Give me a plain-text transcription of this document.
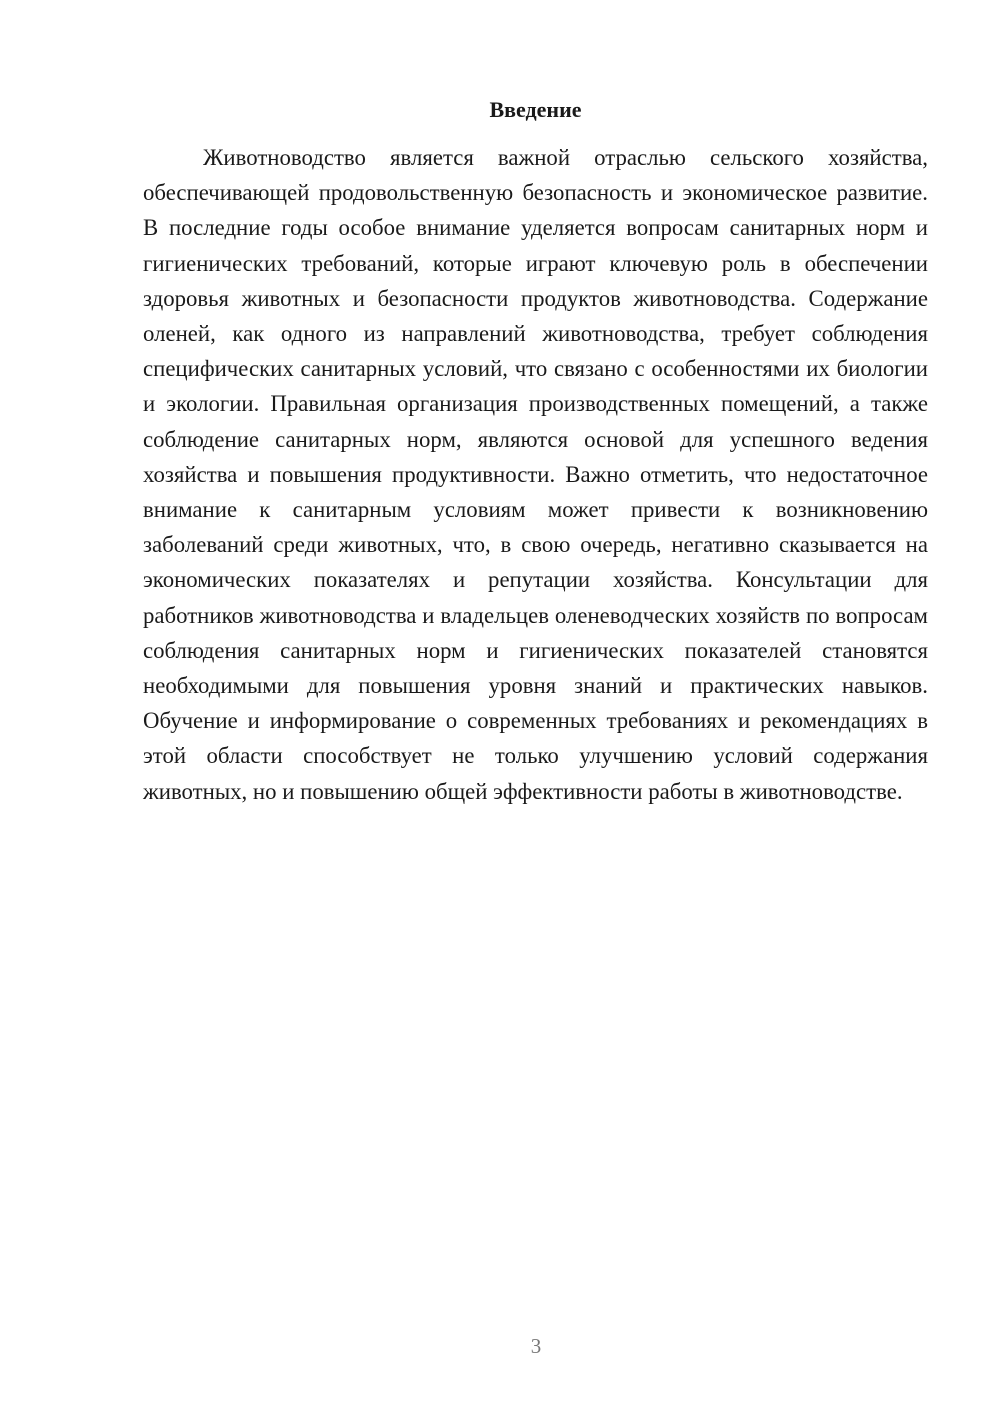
Введение

Животноводство является важной отраслью сельского хозяйства, обеспечивающей продовольственную безопасность и экономическое развитие. В последние годы особое внимание уделяется вопросам санитарных норм и гигиенических требований, которые играют ключевую роль в обеспечении здоровья животных и безопасности продуктов животноводства. Содержание оленей, как одного из направлений животноводства, требует соблюдения специфических санитарных условий, что связано с особенностями их биологии и экологии. Правильная организация производственных помещений, а также соблюдение санитарных норм, являются основой для успешного ведения хозяйства и повышения продуктивности. Важно отметить, что недостаточное внимание к санитарным условиям может привести к возникновению заболеваний среди животных, что, в свою очередь, негативно сказывается на экономических показателях и репутации хозяйства. Консультации для работников животноводства и владельцев оленеводческих хозяйств по вопросам соблюдения санитарных норм и гигиенических показателей становятся необходимыми для повышения уровня знаний и практических навыков. Обучение и информирование о современных требованиях и рекомендациях в этой области способствует не только улучшению условий содержания животных, но и повышению общей эффективности работы в животноводстве.

3
